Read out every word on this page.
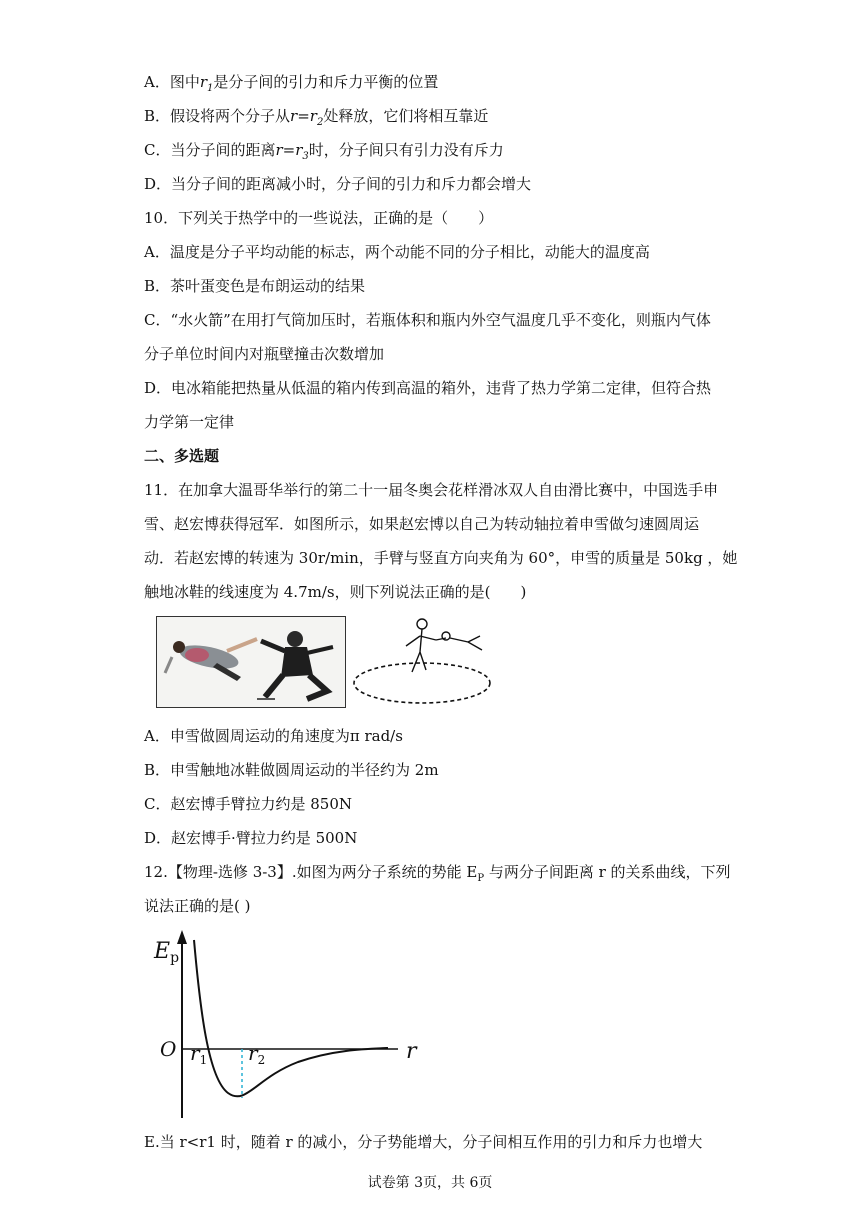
A．图中$r_1$是分子间的引力和斥力平衡的位置
B．假设将两个分子从$r=r_2$处释放，它们将相互靠近
C．当分子间的距离$r=r_3$时，分子间只有引力没有斥力
D．当分子间的距离减小时，分子间的引力和斥力都会增大
10．下列关于热学中的一些说法，正确的是（　　）
A．温度是分子平均动能的标志，两个动能不同的分子相比，动能大的温度高
B．茶叶蛋变色是布朗运动的结果
C．“水火箭”在用打气筒加压时，若瓶体积和瓶内外空气温度几乎不变化，则瓶内气体
分子单位时间内对瓶壁撞击次数增加
D．电冰箱能把热量从低温的箱内传到高温的箱外，违背了热力学第二定律，但符合热
力学第一定律
二、多选题
11．在加拿大温哥华举行的第二十一届冬奥会花样滑冰双人自由滑比赛中，中国选手申
雪、赵宏博获得冠军．如图所示，如果赵宏博以自己为转动轴拉着申雪做匀速圆周运
动．若赵宏博的转速为 30r/min，手臂与竖直方向夹角为 60°，申雪的质量是 50kg ，她
触地冰鞋的线速度为 4.7m/s，则下列说法正确的是(　　)
A．申雪做圆周运动的角速度为π rad/s
B．申雪触地冰鞋做圆周运动的半径约为 2m
C．赵宏博手臂拉力约是 850N
D．赵宏博手·臂拉力约是 500N
12.【物理-选修 3-3】.如图为两分子系统的势能 $E_P$ 与两分子间距离 r 的关系曲线，下列
说法正确的是( )
Ep
O $r_1$ $r_2$	r
E.当 r<r1 时，随着 r 的减小，分子势能增大，分子间相互作用的引力和斥力也增大
试卷第 3页，共 6页
